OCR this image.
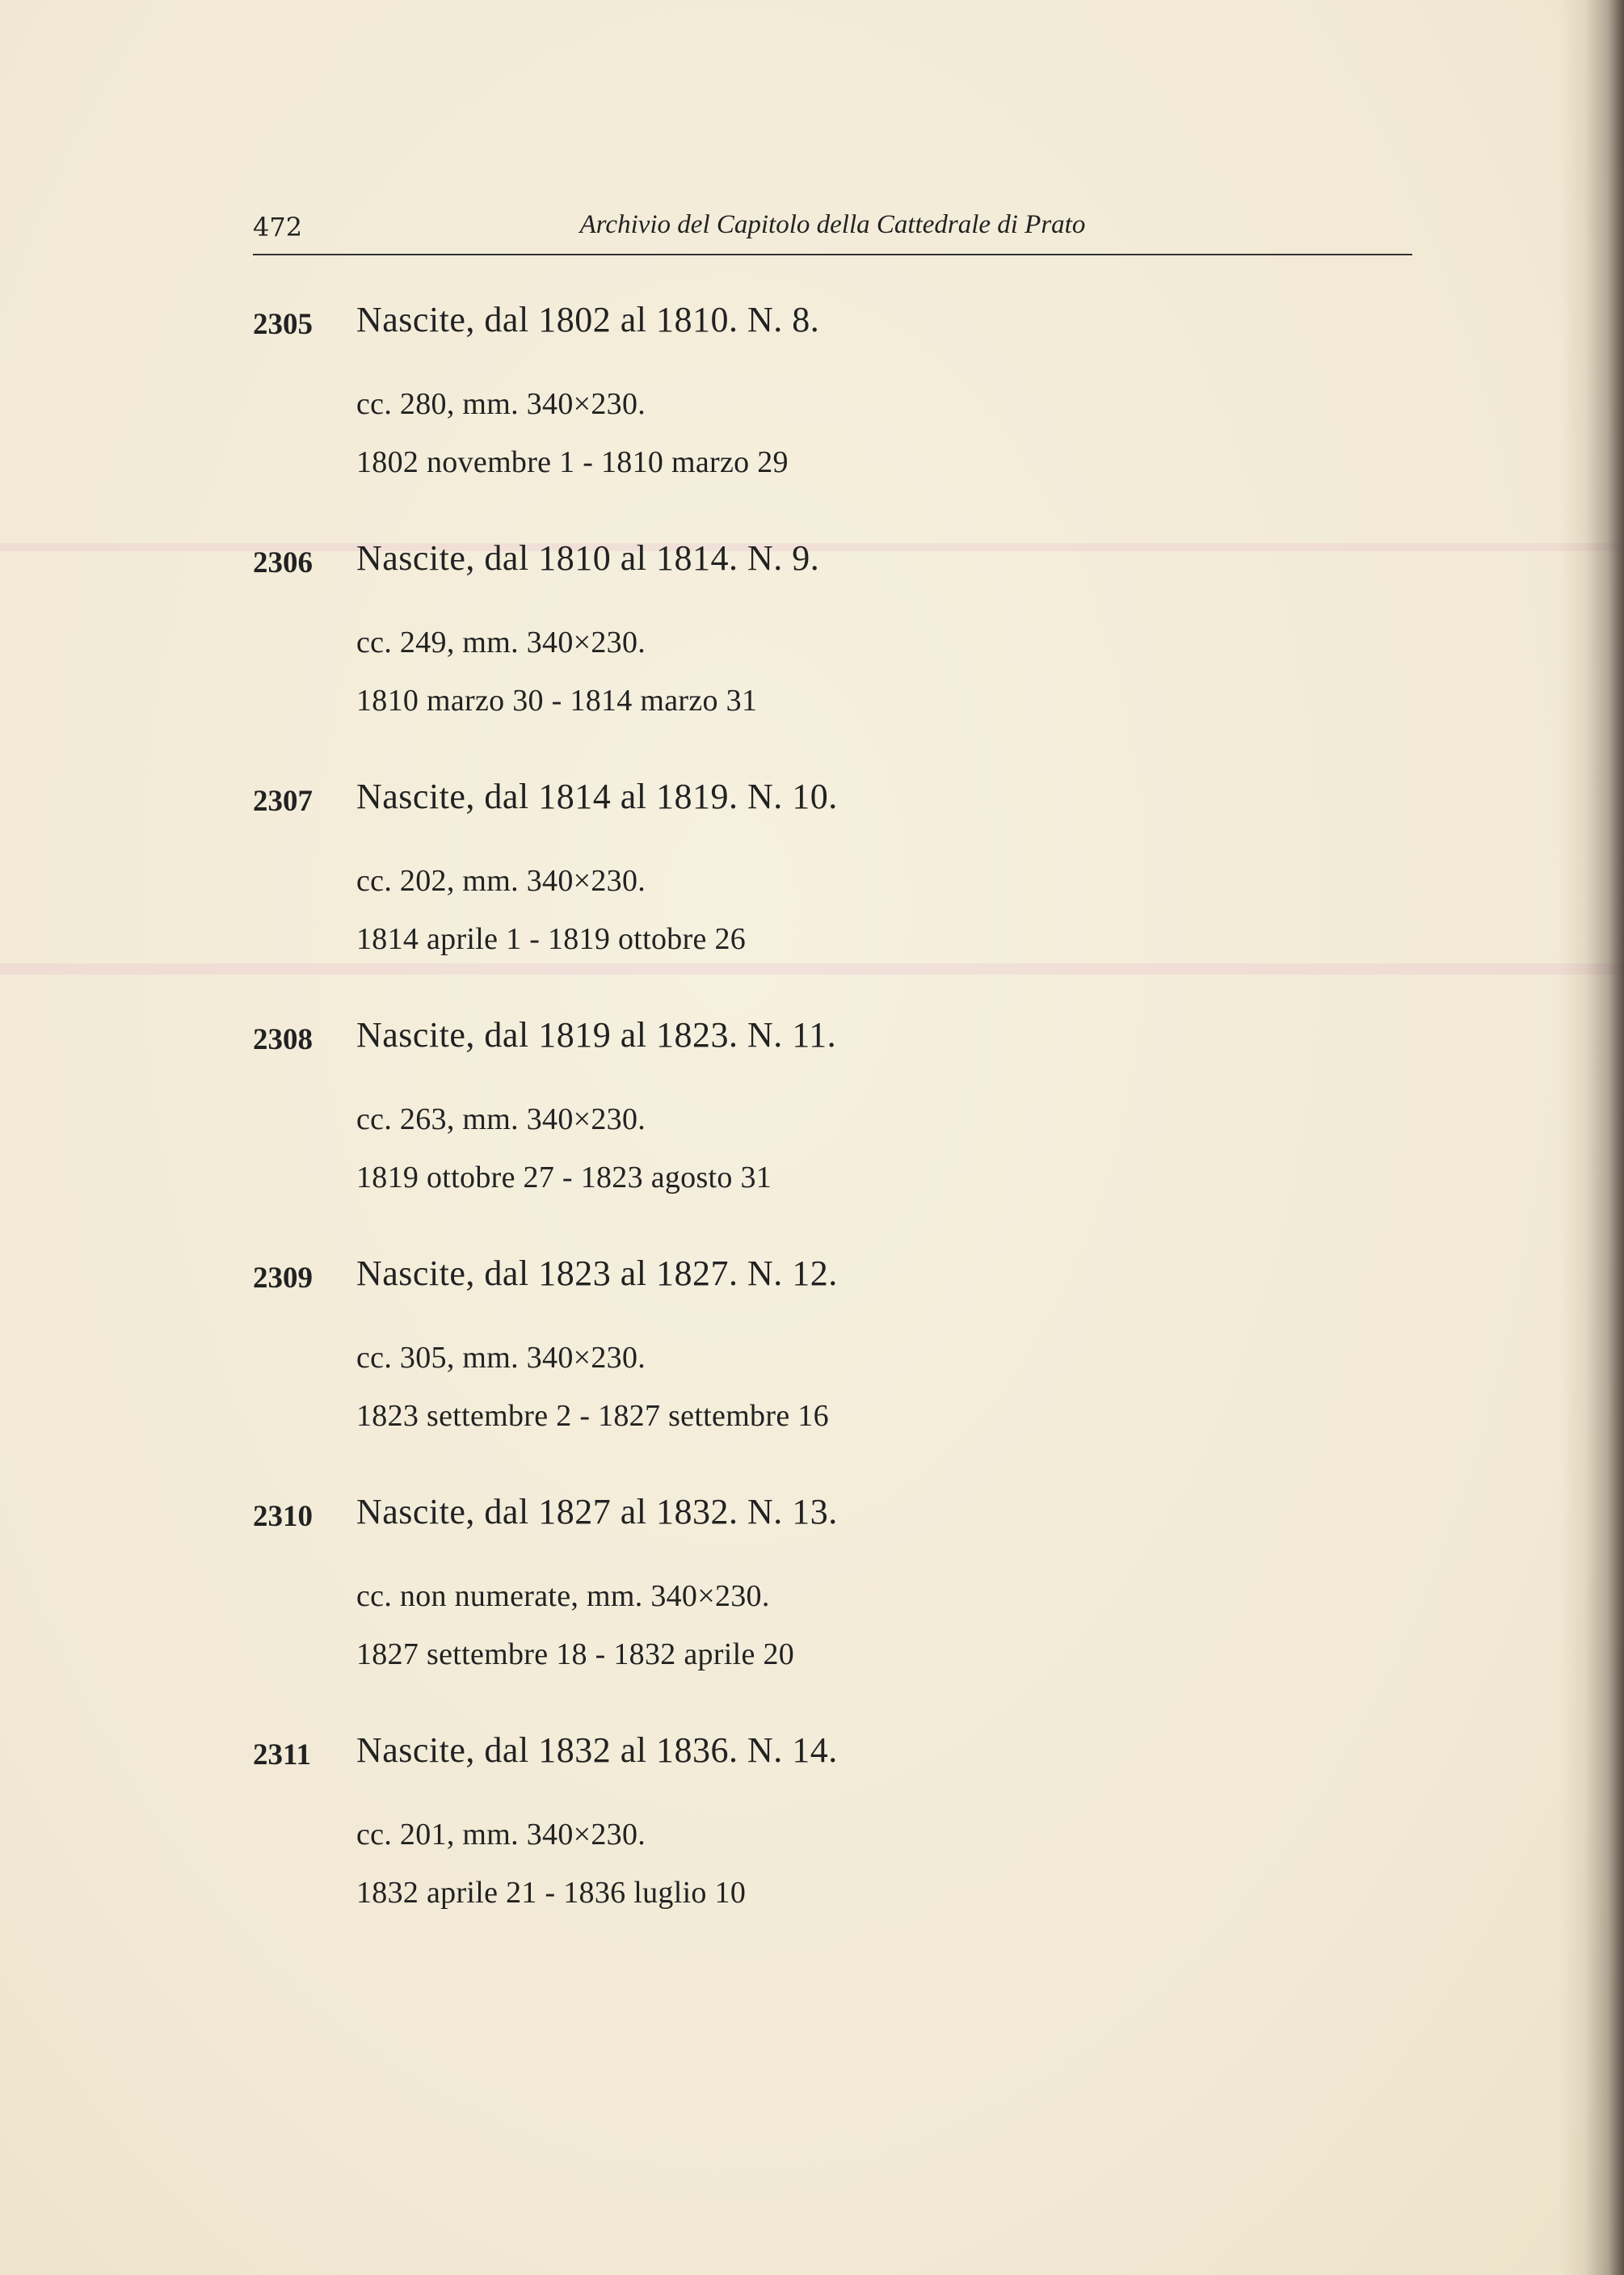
472	Archivio del Capitolo della Cattedrale di Prato
2305 Nascite, dal 1802 al 1810. N. 8.
cc. 280, mm. 340×230.
1802 novembre 1 - 1810 marzo 29
2306 Nascite, dal 1810 al 1814. N. 9.
cc. 249, mm. 340×230.
1810 marzo 30 - 1814 marzo 31
2307 Nascite, dal 1814 al 1819. N. 10.
cc. 202, mm. 340×230.
1814 aprile 1 - 1819 ottobre 26
2308 Nascite, dal 1819 al 1823. N. 11.
cc. 263, mm. 340×230.
1819 ottobre 27 - 1823 agosto 31
2309 Nascite, dal 1823 al 1827. N. 12.
cc. 305, mm. 340×230.
1823 settembre 2 - 1827 settembre 16
2310 Nascite, dal 1827 al 1832. N. 13.
cc. non numerate, mm. 340×230.
1827 settembre 18 - 1832 aprile 20
2311 Nascite, dal 1832 al 1836. N. 14.
cc. 201, mm. 340×230.
1832 aprile 21 - 1836 luglio 10
